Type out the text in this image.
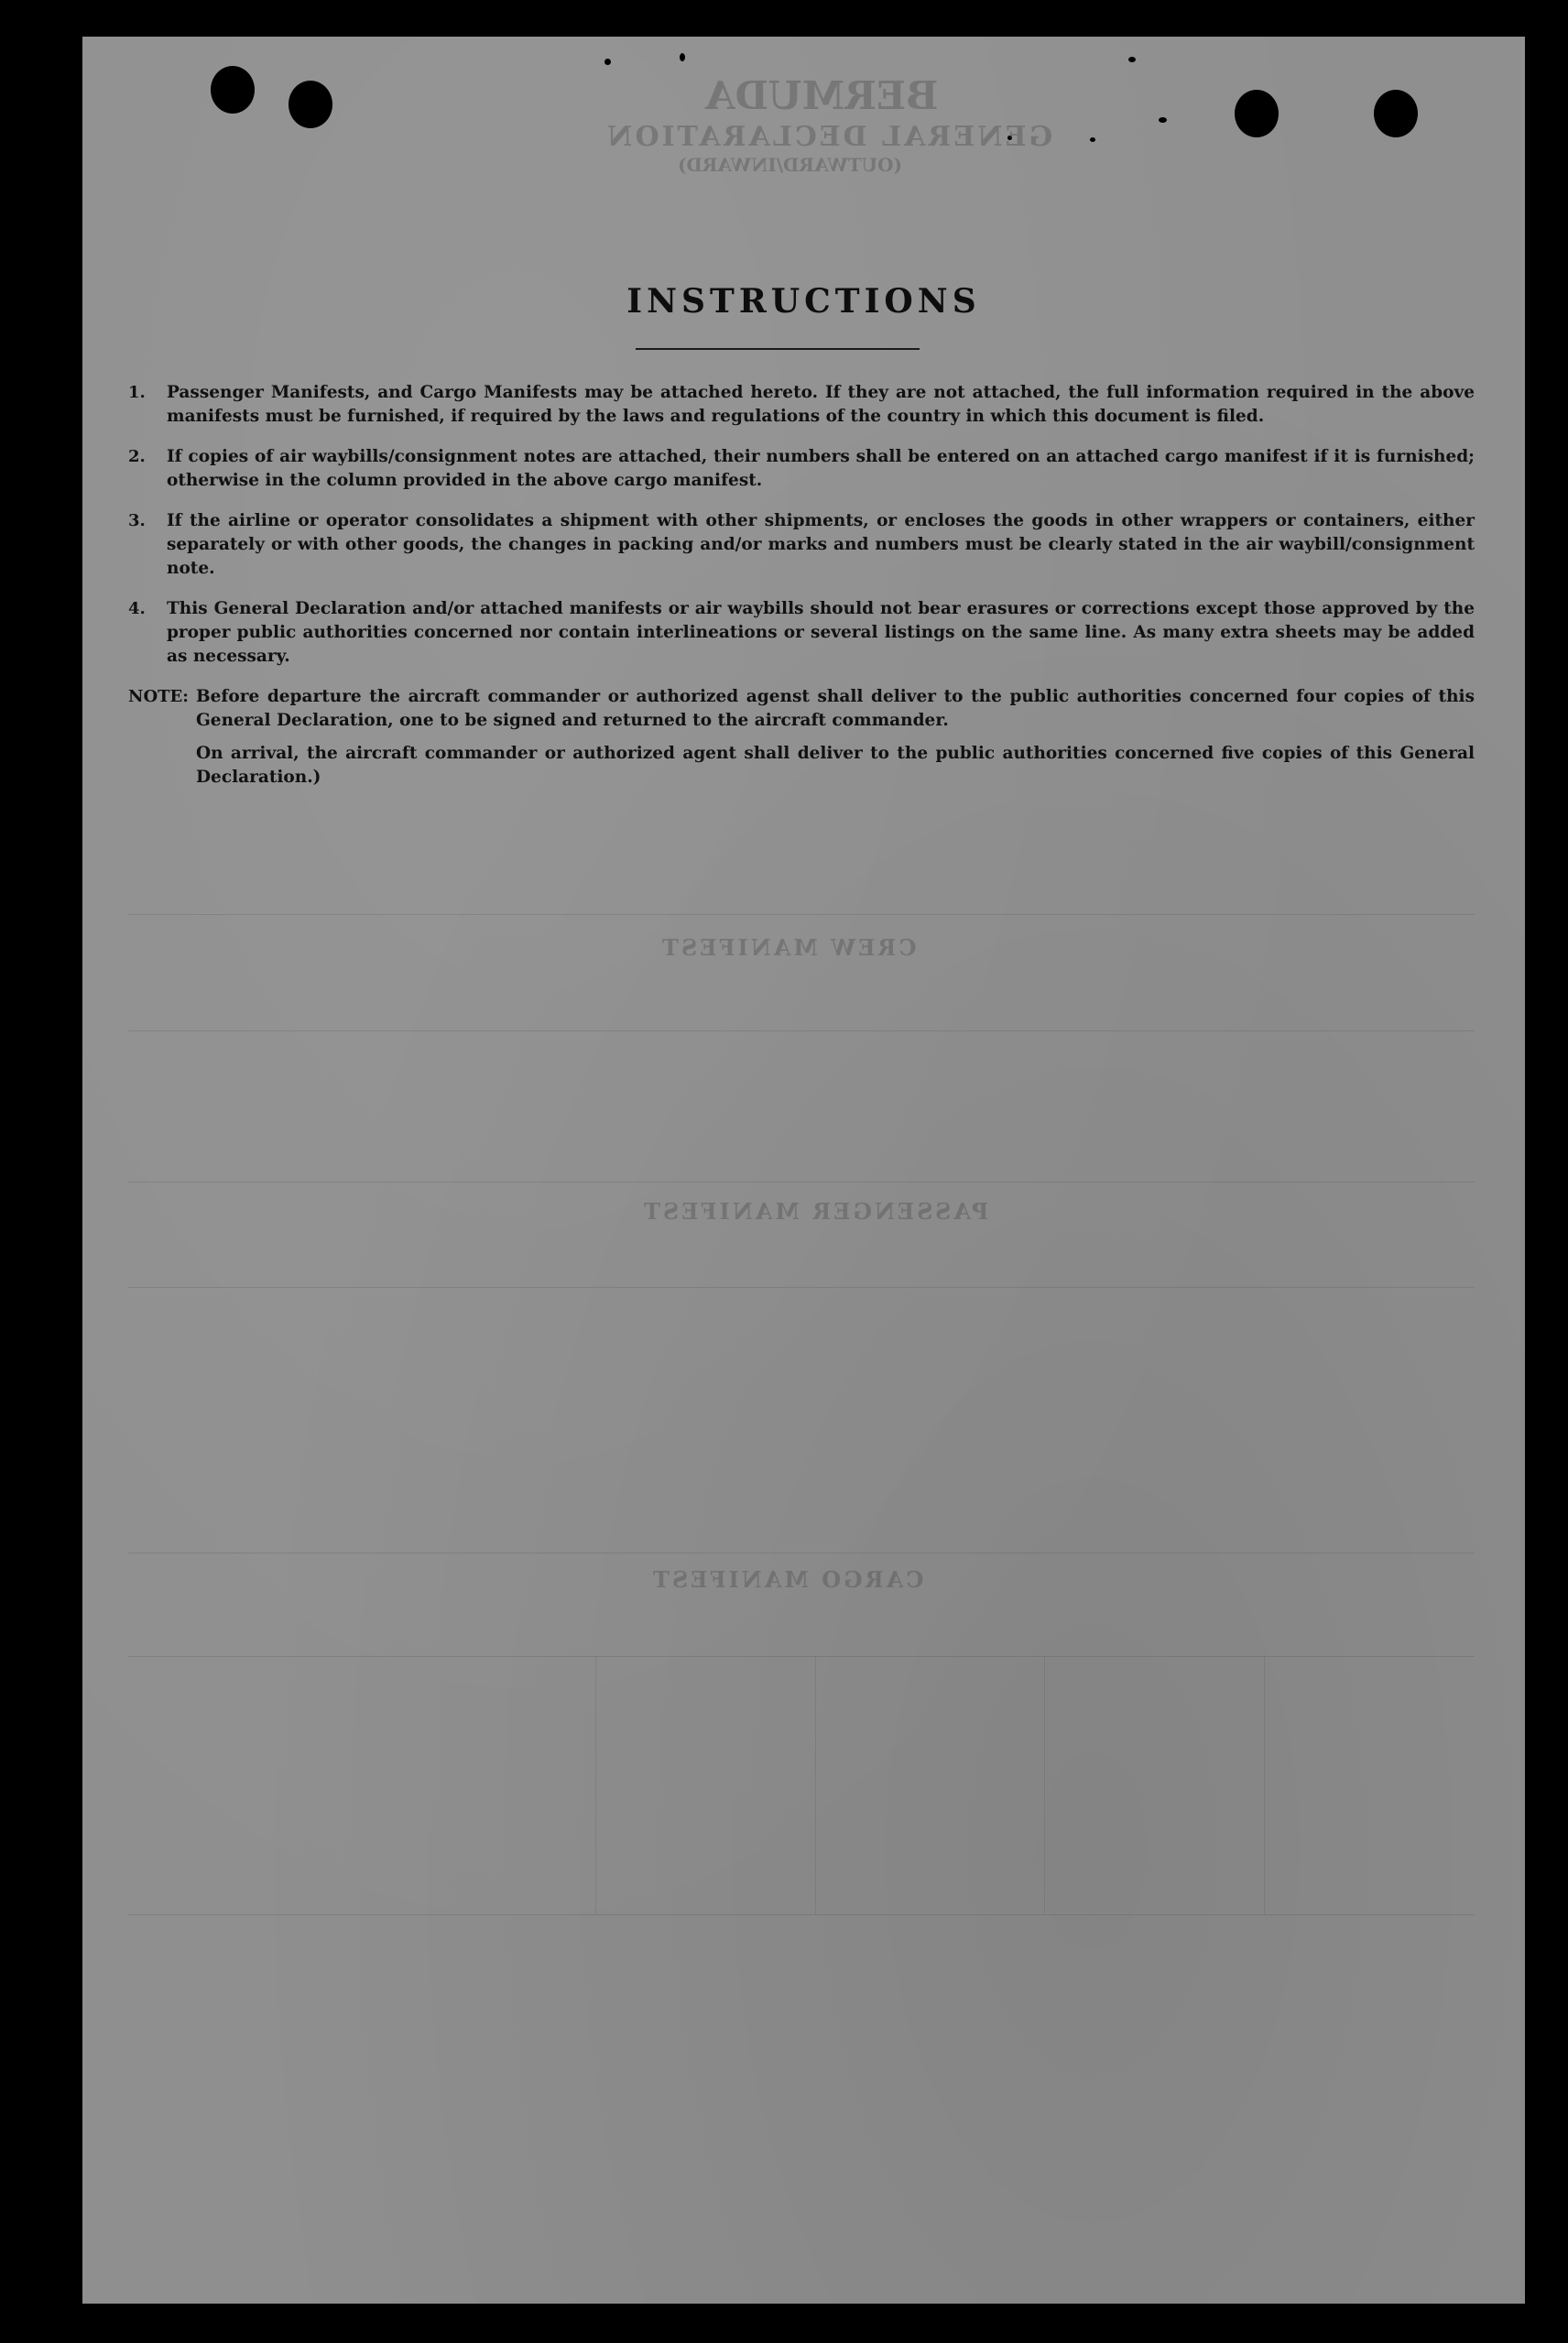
BERMUDA
GENERAL DECLARATION
(OUTWARD/INWARD)
CREW MANIFEST
PASSENGER MANIFEST
CARGO MANIFEST
INSTRUCTIONS
1.	Passenger Manifests, and Cargo Manifests may be attached hereto. If they are not attached, the full information required in the above manifests must be furnished, if required by the laws and regulations of the country in which this document is filed.
2.	If copies of air waybills/consignment notes are attached, their numbers shall be entered on an attached cargo manifest if it is furnished; otherwise in the column provided in the above cargo manifest.
3.	If the airline or operator consolidates a shipment with other shipments, or encloses the goods in other wrappers or containers, either separately or with other goods, the changes in packing and/or marks and numbers must be clearly stated in the air waybill/consignment note.
4.	This General Declaration and/or attached manifests or air waybills should not bear erasures or corrections except those approved by the proper public authorities concerned nor contain interlineations or several listings on the same line. As many extra sheets may be added as necessary.
NOTE: Before departure the aircraft commander or authorized agenst shall deliver to the public authorities concerned four copies of this General Declaration, one to be signed and returned to the aircraft commander.

On arrival, the aircraft commander or authorized agent shall deliver to the public authorities concerned five copies of this General Declaration.)
